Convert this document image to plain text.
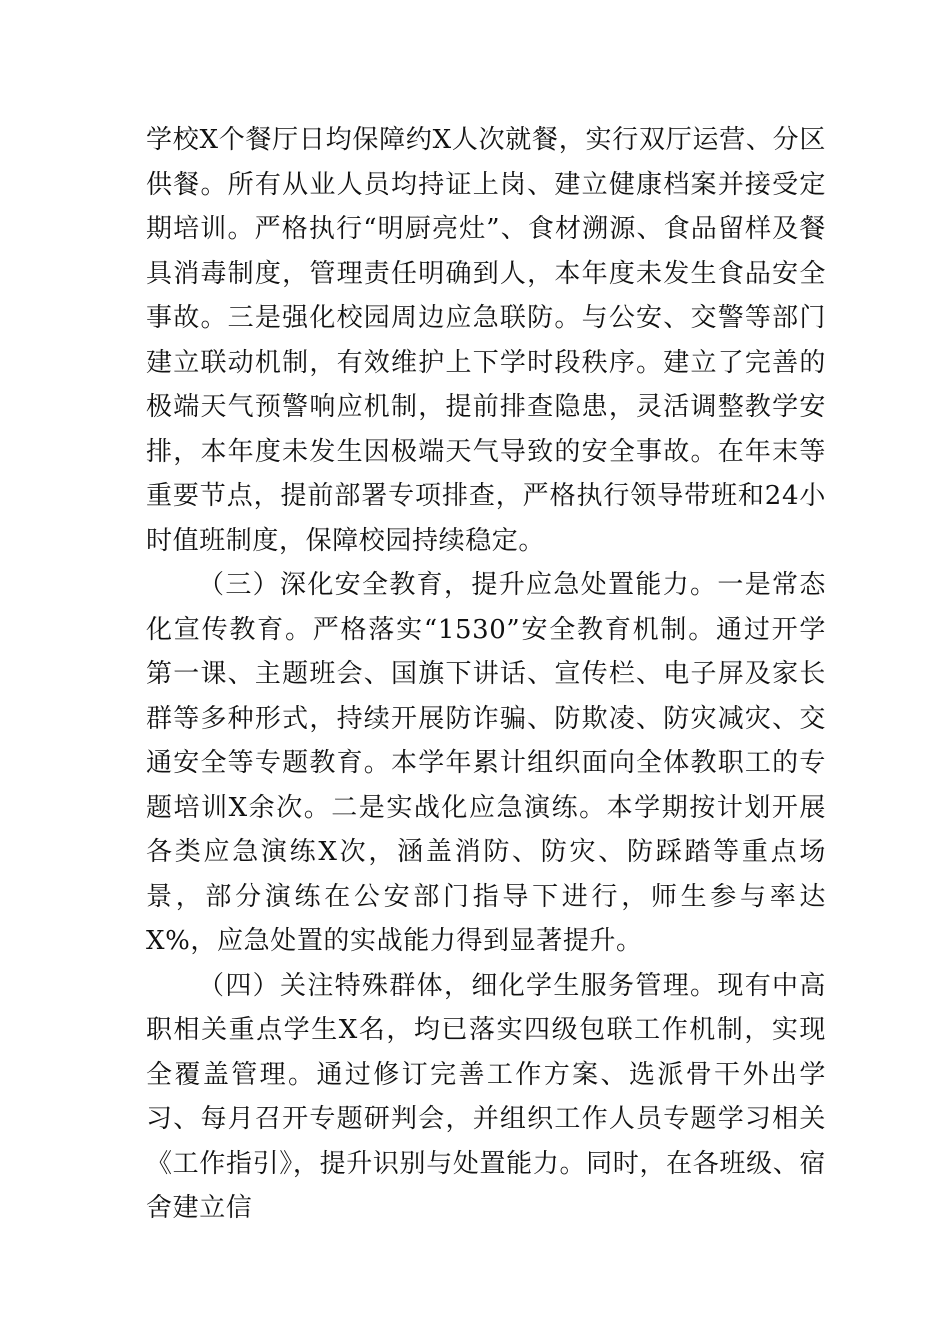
学校X个餐厅日均保障约X人次就餐，实行双厅运营、分区供餐。所有从业人员均持证上岗、建立健康档案并接受定期培训。严格执行“明厨亮灶”、食材溯源、食品留样及餐具消毒制度，管理责任明确到人，本年度未发生食品安全事故。三是强化校园周边应急联防。与公安、交警等部门建立联动机制，有效维护上下学时段秩序。建立了完善的极端天气预警响应机制，提前排查隐患，灵活调整教学安排，本年度未发生因极端天气导致的安全事故。在年末等重要节点，提前部署专项排查，严格执行领导带班和24小时值班制度，保障校园持续稳定。

（三）深化安全教育，提升应急处置能力。一是常态化宣传教育。严格落实“1530”安全教育机制。通过开学第一课、主题班会、国旗下讲话、宣传栏、电子屏及家长群等多种形式，持续开展防诈骗、防欺凌、防灾减灾、交通安全等专题教育。本学年累计组织面向全体教职工的专题培训X余次。二是实战化应急演练。本学期按计划开展各类应急演练X次，涵盖消防、防灾、防踩踏等重点场景，部分演练在公安部门指导下进行，师生参与率达X%，应急处置的实战能力得到显著提升。

（四）关注特殊群体，细化学生服务管理。现有中高职相关重点学生X名，均已落实四级包联工作机制，实现全覆盖管理。通过修订完善工作方案、选派骨干外出学习、每月召开专题研判会，并组织工作人员专题学习相关《工作指引》，提升识别与处置能力。同时，在各班级、宿舍建立信
